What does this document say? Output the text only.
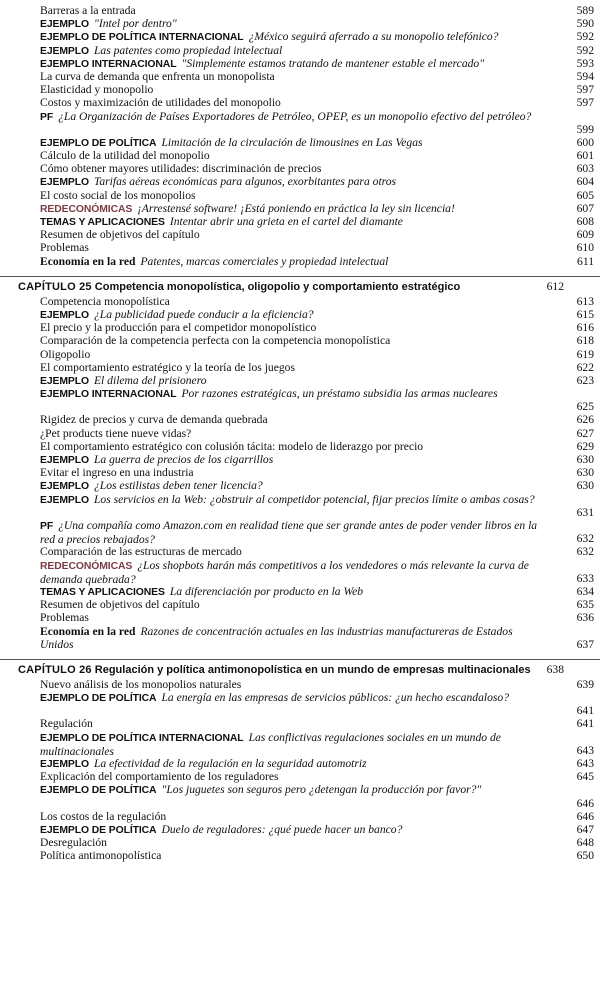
Barreras a la entrada	589
EJEMPLO "Intel por dentro"	590
EJEMPLO DE POLÍTICA INTERNACIONAL ¿México seguirá aferrado a su monopolio telefónico?	592
EJEMPLO Las patentes como propiedad intelectual	592
EJEMPLO INTERNACIONAL "Simplemente estamos tratando de mantener estable el mercado"	593
La curva de demanda que enfrenta un monopolista	594
Elasticidad y monopolio	597
Costos y maximización de utilidades del monopolio	597
PF ¿La Organización de Países Exportadores de Petróleo, OPEP, es un monopolio efectivo del petróleo?
599
EJEMPLO DE POLÍTICA Limitación de la circulación de limousines en Las Vegas	600
Cálculo de la utilidad del monopolio	601
Cómo obtener mayores utilidades: discriminación de precios	603
EJEMPLO Tarifas aéreas económicas para algunos, exorbitantes para otros	604
El costo social de los monopolios	605
REDECONÓMICAS ¡Arrestensé software! ¡Está poniendo en práctica la ley sin licencia!	607
TEMAS Y APLICACIONES Intentar abrir una grieta en el cartel del diamante	608
Resumen de objetivos del capítulo	609
Problemas	610
Economía en la red Patentes, marcas comerciales y propiedad intelectual	611
CAPÍTULO 25 Competencia monopolística, oligopolio y comportamiento estratégico	612
Competencia monopolística	613
EJEMPLO ¿La publicidad puede conducir a la eficiencia?	615
El precio y la producción para el competidor monopolístico	616
Comparación de la competencia perfecta con la competencia monopolística	618
Oligopolio	619
El comportamiento estratégico y la teoría de los juegos	622
EJEMPLO El dilema del prisionero	623
EJEMPLO INTERNACIONAL Por razones estratégicas, un préstamo subsidia las armas nucleares
625
Rigidez de precios y curva de demanda quebrada	626
¿Pet products tiene nueve vidas?	627
El comportamiento estratégico con colusión tácita: modelo de liderazgo por precio	629
EJEMPLO La guerra de precios de los cigarrillos	630
Evitar el ingreso en una industria	630
EJEMPLO ¿Los estilistas deben tener licencia?	630
EJEMPLO Los servicios en la Web: ¿obstruir al competidor potencial, fijar precios límite o ambas cosas?
631
PF ¿Una compañía como Amazon.com en realidad tiene que ser grande antes de poder vender libros en la red a precios rebajados?	632
Comparación de las estructuras de mercado	632
REDECONÓMICAS ¿Los shopbots harán más competitivos a los vendedores o más relevante la curva de demanda quebrada?	633
TEMAS Y APLICACIONES La diferenciación por producto en la Web	634
Resumen de objetivos del capítulo	635
Problemas	636
Economía en la red Razones de concentración actuales en las industrias manufactureras de Estados Unidos	637
CAPÍTULO 26 Regulación y política antimonopolística en un mundo de empresas multinacionales	638
Nuevo análisis de los monopolios naturales	639
EJEMPLO DE POLÍTICA La energía en las empresas de servicios públicos: ¿un hecho escandaloso?
641
Regulación	641
EJEMPLO DE POLÍTICA INTERNACIONAL Las conflictivas regulaciones sociales en un mundo de multinacionales	643
EJEMPLO La efectividad de la regulación en la seguridad automotriz	643
Explicación del comportamiento de los reguladores	645
EJEMPLO DE POLÍTICA "Los juguetes son seguros pero ¿detengan la producción por favor?"
646
Los costos de la regulación	646
EJEMPLO DE POLÍTICA Duelo de reguladores: ¿qué puede hacer un banco?	647
Desregulación	648
Política antimonopolística	650
